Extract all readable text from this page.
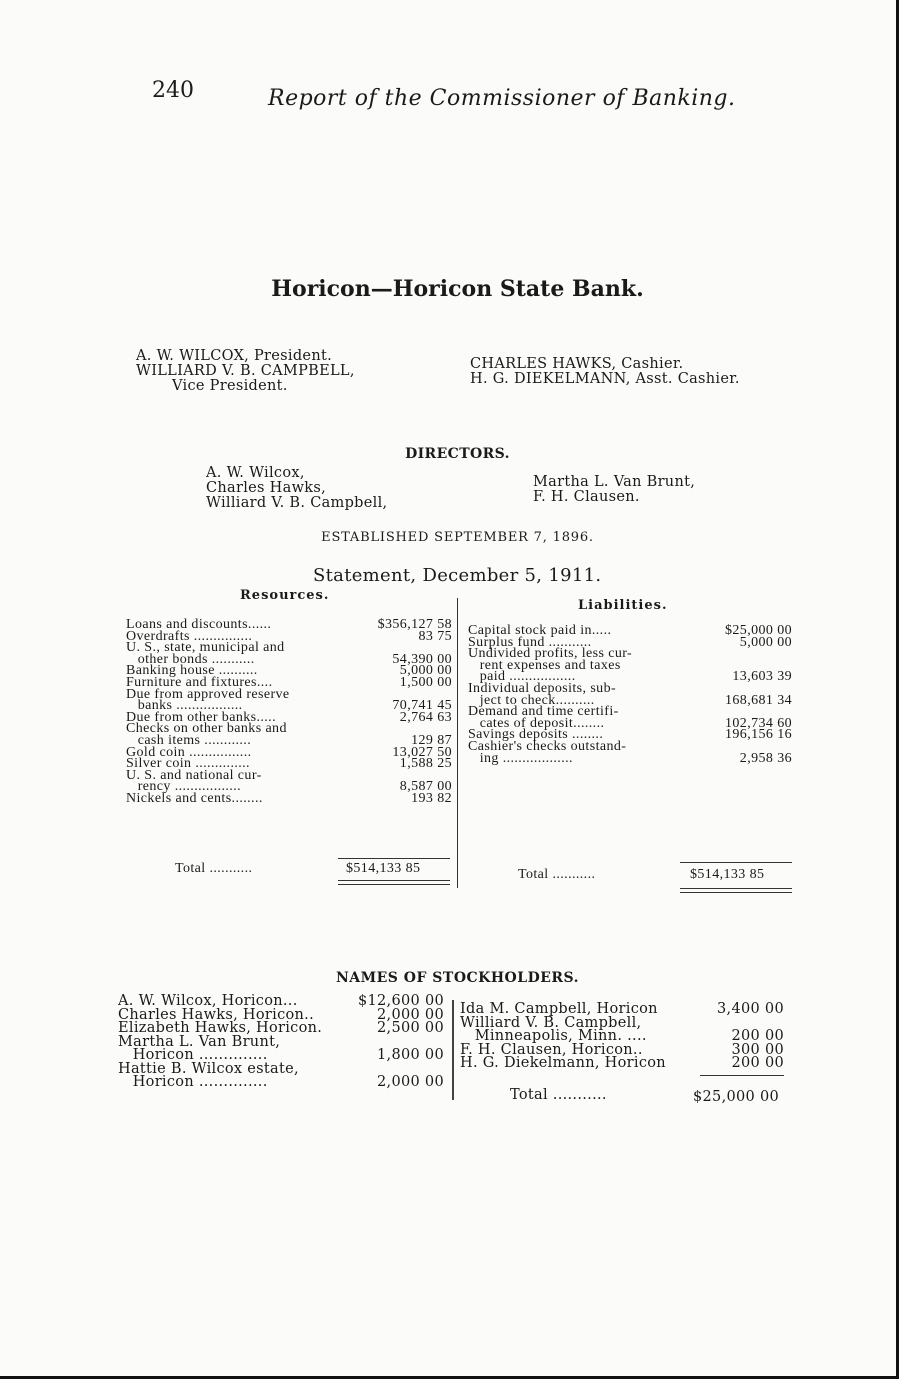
240	Report of the Commissioner of Banking.
Horicon—Horicon State Bank.
A. W. WILCOX, President.
WILLIARD V. B. CAMPBELL,
Vice President.
CHARLES HAWKS, Cashier.
H. G. DIEKELMANN, Asst. Cashier.
DIRECTORS.
A. W. Wilcox,
Charles Hawks,
Williard V. B. Campbell,
Martha L. Van Brunt,
F. H. Clausen.
ESTABLISHED SEPTEMBER 7, 1896.
Statement, December 5, 1911.
Resources.
Liabilities.
Loans and discounts......	$356,127 58
Overdrafts ...............	83 75
U. S., state, municipal and
other bonds ...........	54,390 00
Banking house ..........	5,000 00
Furniture and fixtures....	1,500 00
Due from approved reserve
banks .................	70,741 45
Due from other banks.....	2,764 63
Checks on other banks and
cash items ............	129 87
Gold coin ................	13,027 50
Silver coin ..............	1,588 25
U. S. and national cur-
rency .................	8,587 00
Nickels and cents........	193 82
Total ...........	$514,133 85
Capital stock paid in.....	$25,000 00
Surplus fund ...........	5,000 00
Undivided profits, less cur-
rent expenses and taxes
paid .................	13,603 39
Individual deposits, sub-
ject to check..........	168,681 34
Demand and time certifi-
cates of deposit........	102,734 60
Savings deposits ........	196,156 16
Cashier's checks outstand-
ing ..................	2,958 36
Total ...........	$514,133 85
NAMES OF STOCKHOLDERS.
A. W. Wilcox, Horicon...	$12,600 00
Charles Hawks, Horicon..	2,000 00
Elizabeth Hawks, Horicon.	2,500 00
Martha L. Van Brunt,
Horicon ..............	1,800 00
Hattie B. Wilcox estate,
Horicon ..............	2,000 00
Ida M. Campbell, Horicon	3,400 00
Williard V. B. Campbell,
Minneapolis, Minn. ....	200 00
F. H. Clausen, Horicon..	300 00
H. G. Diekelmann, Horicon	200 00
Total ...........	$25,000 00
